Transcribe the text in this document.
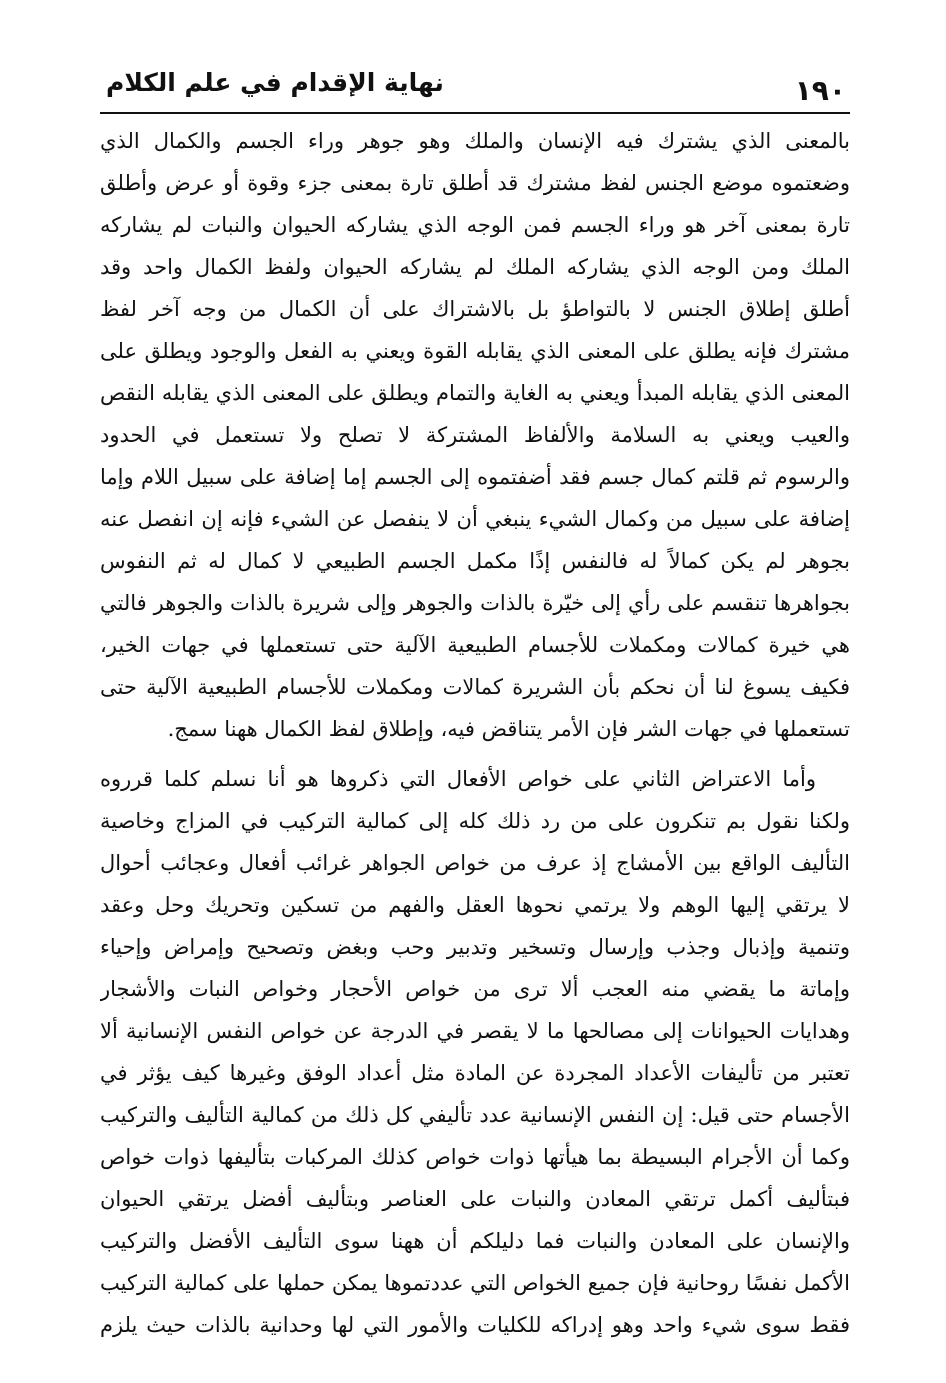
نهاية الإقدام في علم الكلام	١٩٠
بالمعنى الذي يشترك فيه الإنسان والملك وهو جوهر وراء الجسم والكمال الذي
وضعتموه موضع الجنس لفظ مشترك قد أطلق تارة بمعنى جزء وقوة أو عرض وأطلق
تارة بمعنى آخر هو وراء الجسم فمن الوجه الذي يشاركه الحيوان والنبات لم يشاركه
الملك ومن الوجه الذي يشاركه الملك لم يشاركه الحيوان ولفظ الكمال واحد وقد
أطلق إطلاق الجنس لا بالتواطؤ بل بالاشتراك على أن الكمال من وجه آخر لفظ
مشترك فإنه يطلق على المعنى الذي يقابله القوة ويعني به الفعل والوجود ويطلق على
المعنى الذي يقابله المبدأ ويعني به الغاية والتمام ويطلق على المعنى الذي يقابله النقص
والعيب ويعني به السلامة والألفاظ المشتركة لا تصلح ولا تستعمل في الحدود
والرسوم ثم قلتم كمال جسم فقد أضفتموه إلى الجسم إما إضافة على سبيل اللام وإما
إضافة على سبيل من وكمال الشيء ينبغي أن لا ينفصل عن الشيء فإنه إن انفصل عنه
بجوهر لم يكن كمالاً له فالنفس إذًا مكمل الجسم الطبيعي لا كمال له ثم النفوس
بجواهرها تنقسم على رأي إلى خيّرة بالذات والجوهر وإلى شريرة بالذات والجوهر فالتي
هي خيرة كمالات ومكملات للأجسام الطبيعية الآلية حتى تستعملها في جهات الخير،
فكيف يسوغ لنا أن نحكم بأن الشريرة كمالات ومكملات للأجسام الطبيعية الآلية حتى
تستعملها في جهات الشر فإن الأمر يتناقض فيه، وإطلاق لفظ الكمال ههنا سمج.
وأما الاعتراض الثاني على خواص الأفعال التي ذكروها هو أنا نسلم كلما قرروه
ولكنا نقول بم تنكرون على من رد ذلك كله إلى كمالية التركيب في المزاج وخاصية
التأليف الواقع بين الأمشاج إذ عرف من خواص الجواهر غرائب أفعال وعجائب أحوال
لا يرتقي إليها الوهم ولا يرتمي نحوها العقل والفهم من تسكين وتحريك وحل وعقد
وتنمية وإذبال وجذب وإرسال وتسخير وتدبير وحب وبغض وتصحيح وإمراض وإحياء
وإماتة ما يقضي منه العجب ألا ترى من خواص الأحجار وخواص النبات والأشجار
وهدايات الحيوانات إلى مصالحها ما لا يقصر في الدرجة عن خواص النفس الإنسانية ألا
تعتبر من تأليفات الأعداد المجردة عن المادة مثل أعداد الوفق وغيرها كيف يؤثر في
الأجسام حتى قيل: إن النفس الإنسانية عدد تأليفي كل ذلك من كمالية التأليف والتركيب
وكما أن الأجرام البسيطة بما هيأتها ذوات خواص كذلك المركبات بتأليفها ذوات خواص
فبتأليف أكمل ترتقي المعادن والنبات على العناصر وبتأليف أفضل يرتقي الحيوان
والإنسان على المعادن والنبات فما دليلكم أن ههنا سوى التأليف الأفضل والتركيب
الأكمل نفسًا روحانية فإن جميع الخواص التي عددتموها يمكن حملها على كمالية التركيب
فقط سوى شيء واحد وهو إدراكه للكليات والأمور التي لها وحدانية بالذات حيث يلزم
